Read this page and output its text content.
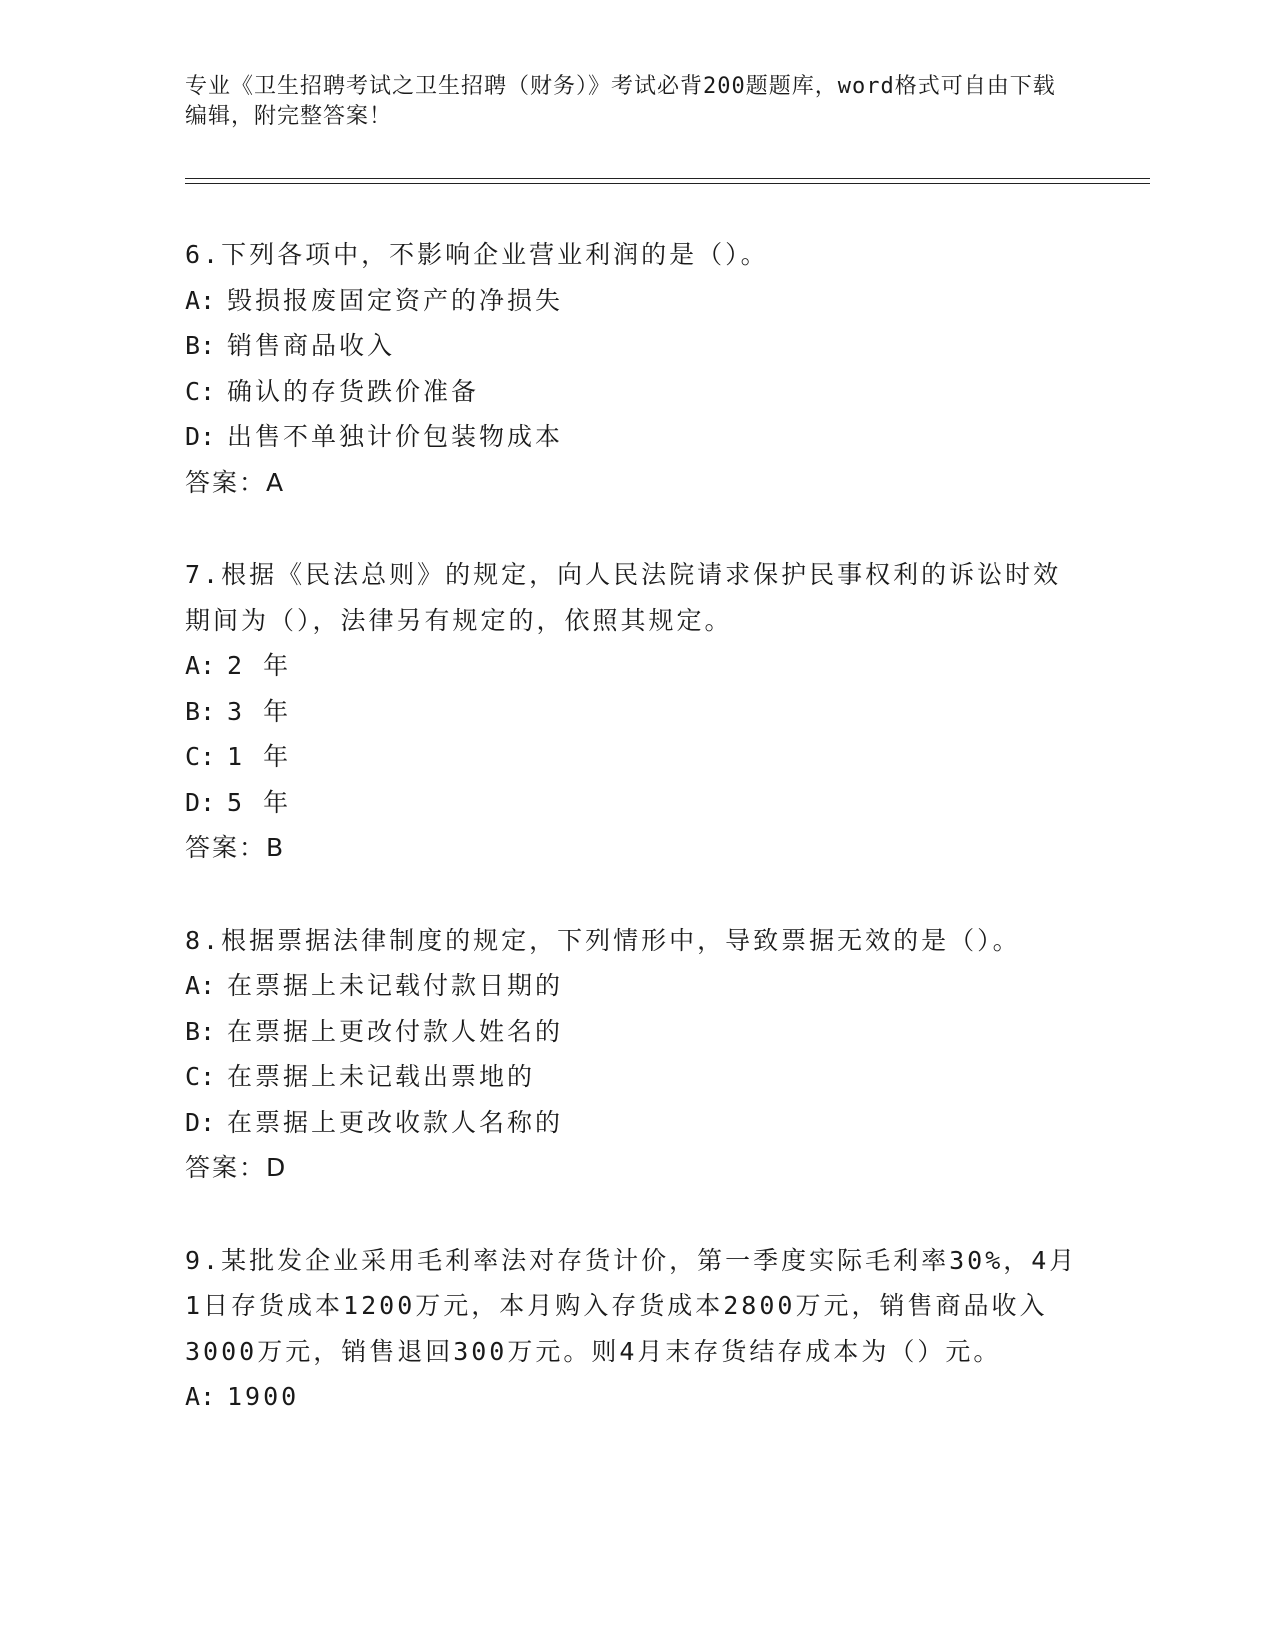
专业《卫生招聘考试之卫生招聘（财务）》考试必背200题题库，word格式可自由下载编辑，附完整答案！
6.下列各项中，不影响企业营业利润的是（）。
A: 毁损报废固定资产的净损失
B: 销售商品收入
C: 确认的存货跌价准备
D: 出售不单独计价包装物成本
答案：A
7.根据《民法总则》的规定，向人民法院请求保护民事权利的诉讼时效期间为（），法律另有规定的，依照其规定。
A: 2 年
B: 3 年
C: 1 年
D: 5 年
答案：B
8.根据票据法律制度的规定，下列情形中，导致票据无效的是（）。
A: 在票据上未记载付款日期的
B: 在票据上更改付款人姓名的
C: 在票据上未记载出票地的
D: 在票据上更改收款人名称的
答案：D
9.某批发企业采用毛利率法对存货计价，第一季度实际毛利率30%，4月1日存货成本1200万元，本月购入存货成本2800万元，销售商品收入3000万元，销售退回300万元。则4月末存货结存成本为（）元。
A: 1900
